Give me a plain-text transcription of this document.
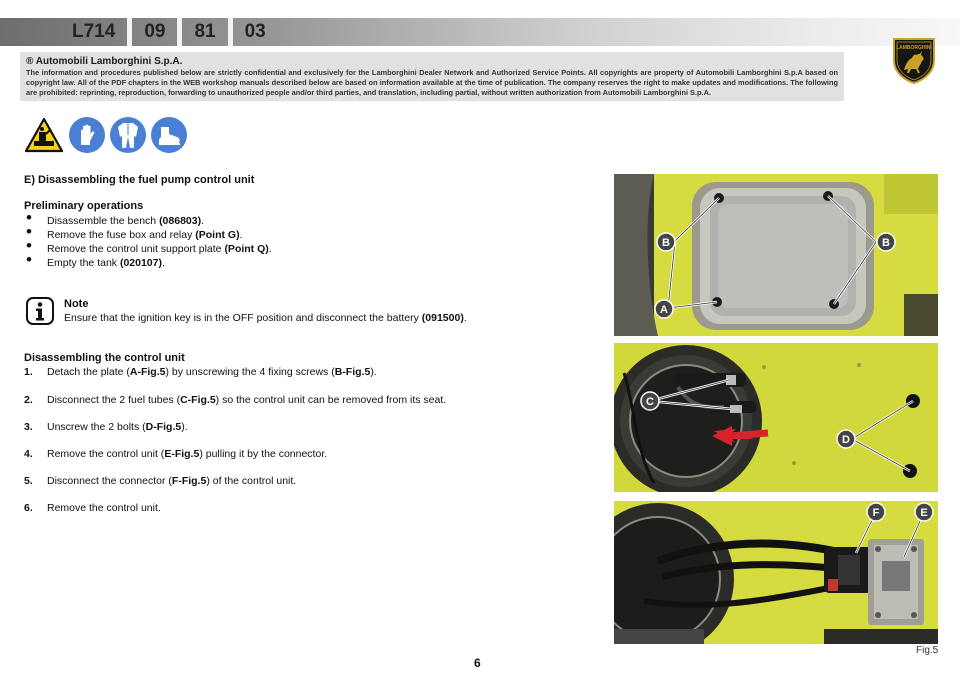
L714	09	81	03
LAMBORGHINI

® Automobili Lamborghini S.p.A.

The information and procedures published below are strictly confidential and exclusively for the Lamborghini Dealer Network and Authorized Service Points. All copyrights are property of Automobili Lamborghini S.p.A based on copyright law. All of the PDF chapters in the WEB workshop manuals described below are based on information available at the time of publication. The company reserves the right to make updates and modifications. The following are prohibited: reprinting, reproduction, forwarding to unauthorized people and/or third parties, and translation, including partial, without written authorization from Automobili Lamborghini S.p.A.

E) Disassembling the fuel pump control unit
Preliminary operations
• Disassemble the bench (086803).
• Remove the fuse box and relay (Point G).
• Remove the control unit support plate (Point Q).
• Empty the tank (020107).
Note
Ensure that the ignition key is in the OFF position and disconnect the battery (091500).
Disassembling the control unit
1. Detach the plate (A-Fig.5) by unscrewing the 4 fixing screws (B-Fig.5).
2. Disconnect the 2 fuel tubes (C-Fig.5) so the control unit can be removed from its seat.
3. Unscrew the 2 bolts (D-Fig.5).
4. Remove the control unit (E-Fig.5) pulling it by the connector.
5. Disconnect the connector (F-Fig.5) of the control unit.
6. Remove the control unit.
B	B
A
C
D
F	E
Fig.5
6
